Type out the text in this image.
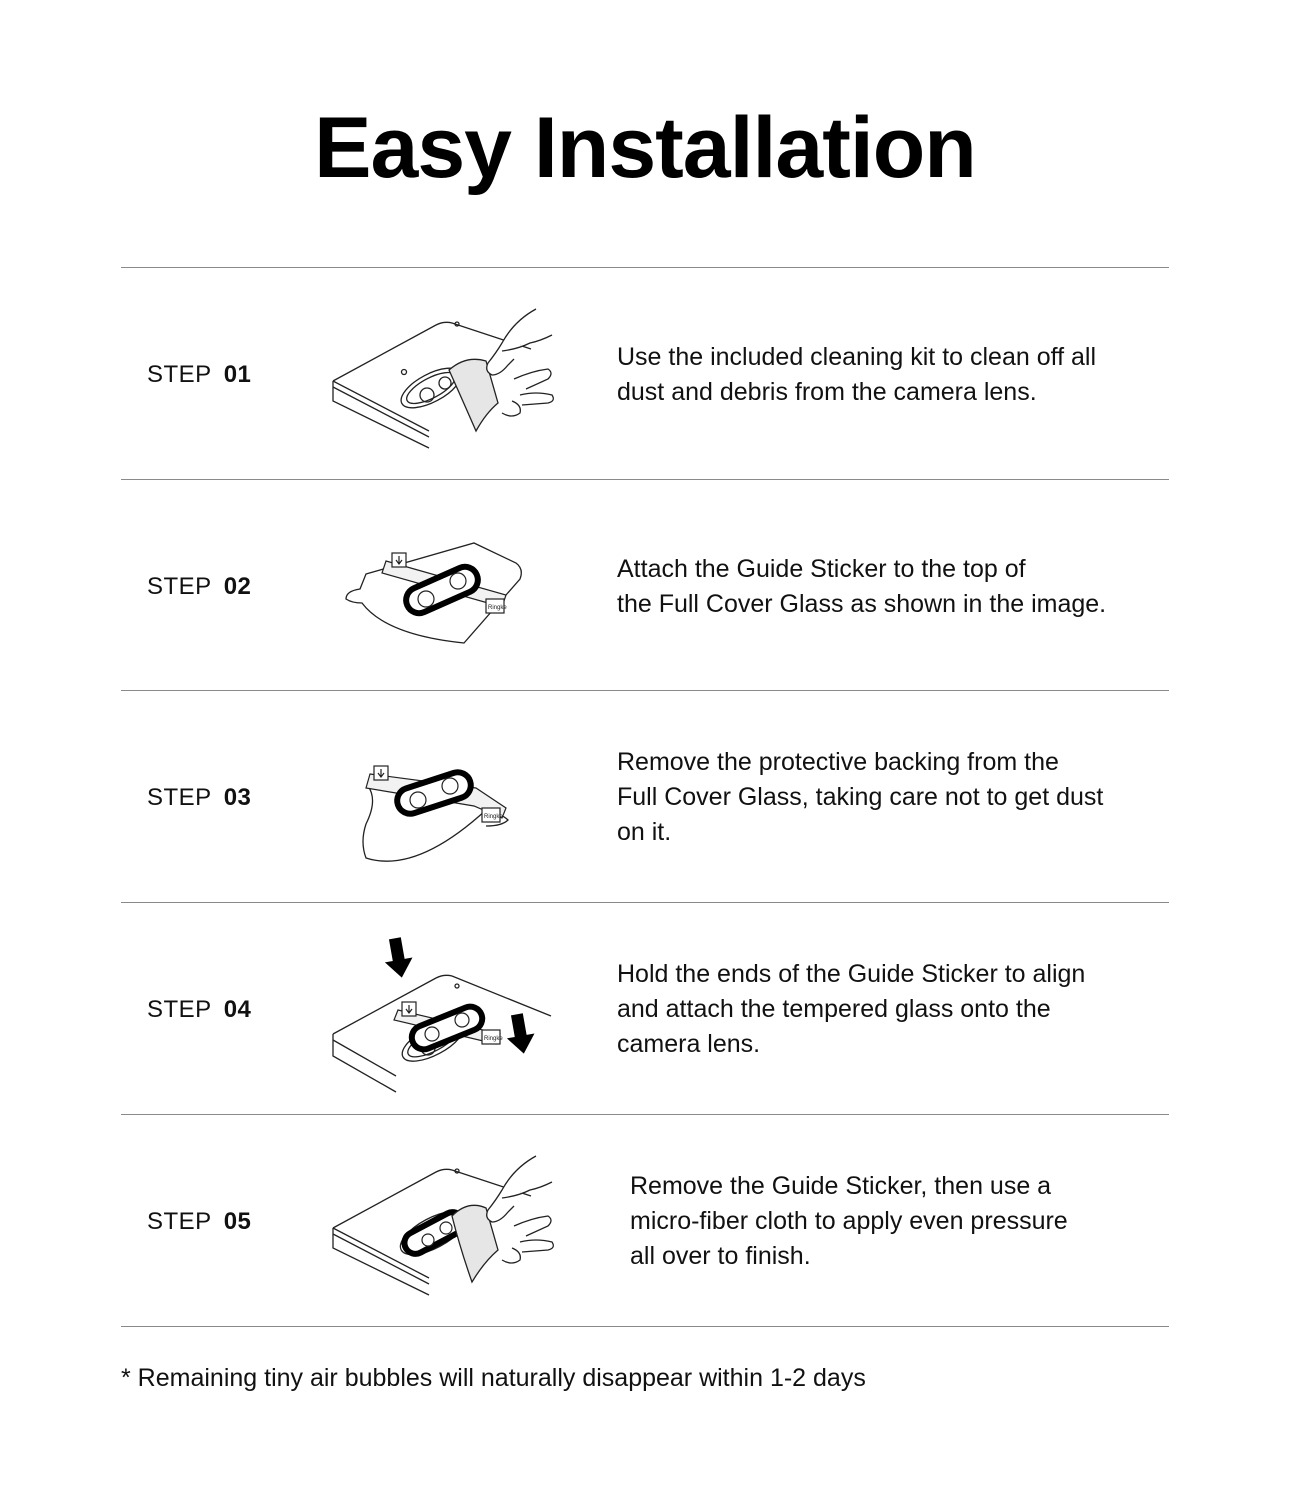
Easy Installation
STEP 01
Use the included cleaning kit to clean off all
dust and debris from the camera lens.
STEP 02
Ringke
Attach the Guide Sticker to the top of
the Full Cover Glass as shown in the image.
STEP 03
Ringke
Remove the protective backing from the
Full Cover Glass, taking care not to get dust
on it.
STEP 04
Ringke
Hold the ends of the Guide Sticker to align
and attach the tempered glass onto the
camera lens.
STEP 05
Remove the Guide Sticker, then use a
micro-fiber cloth to apply even pressure
all over to finish.
* Remaining tiny air bubbles will naturally disappear within 1-2 days
